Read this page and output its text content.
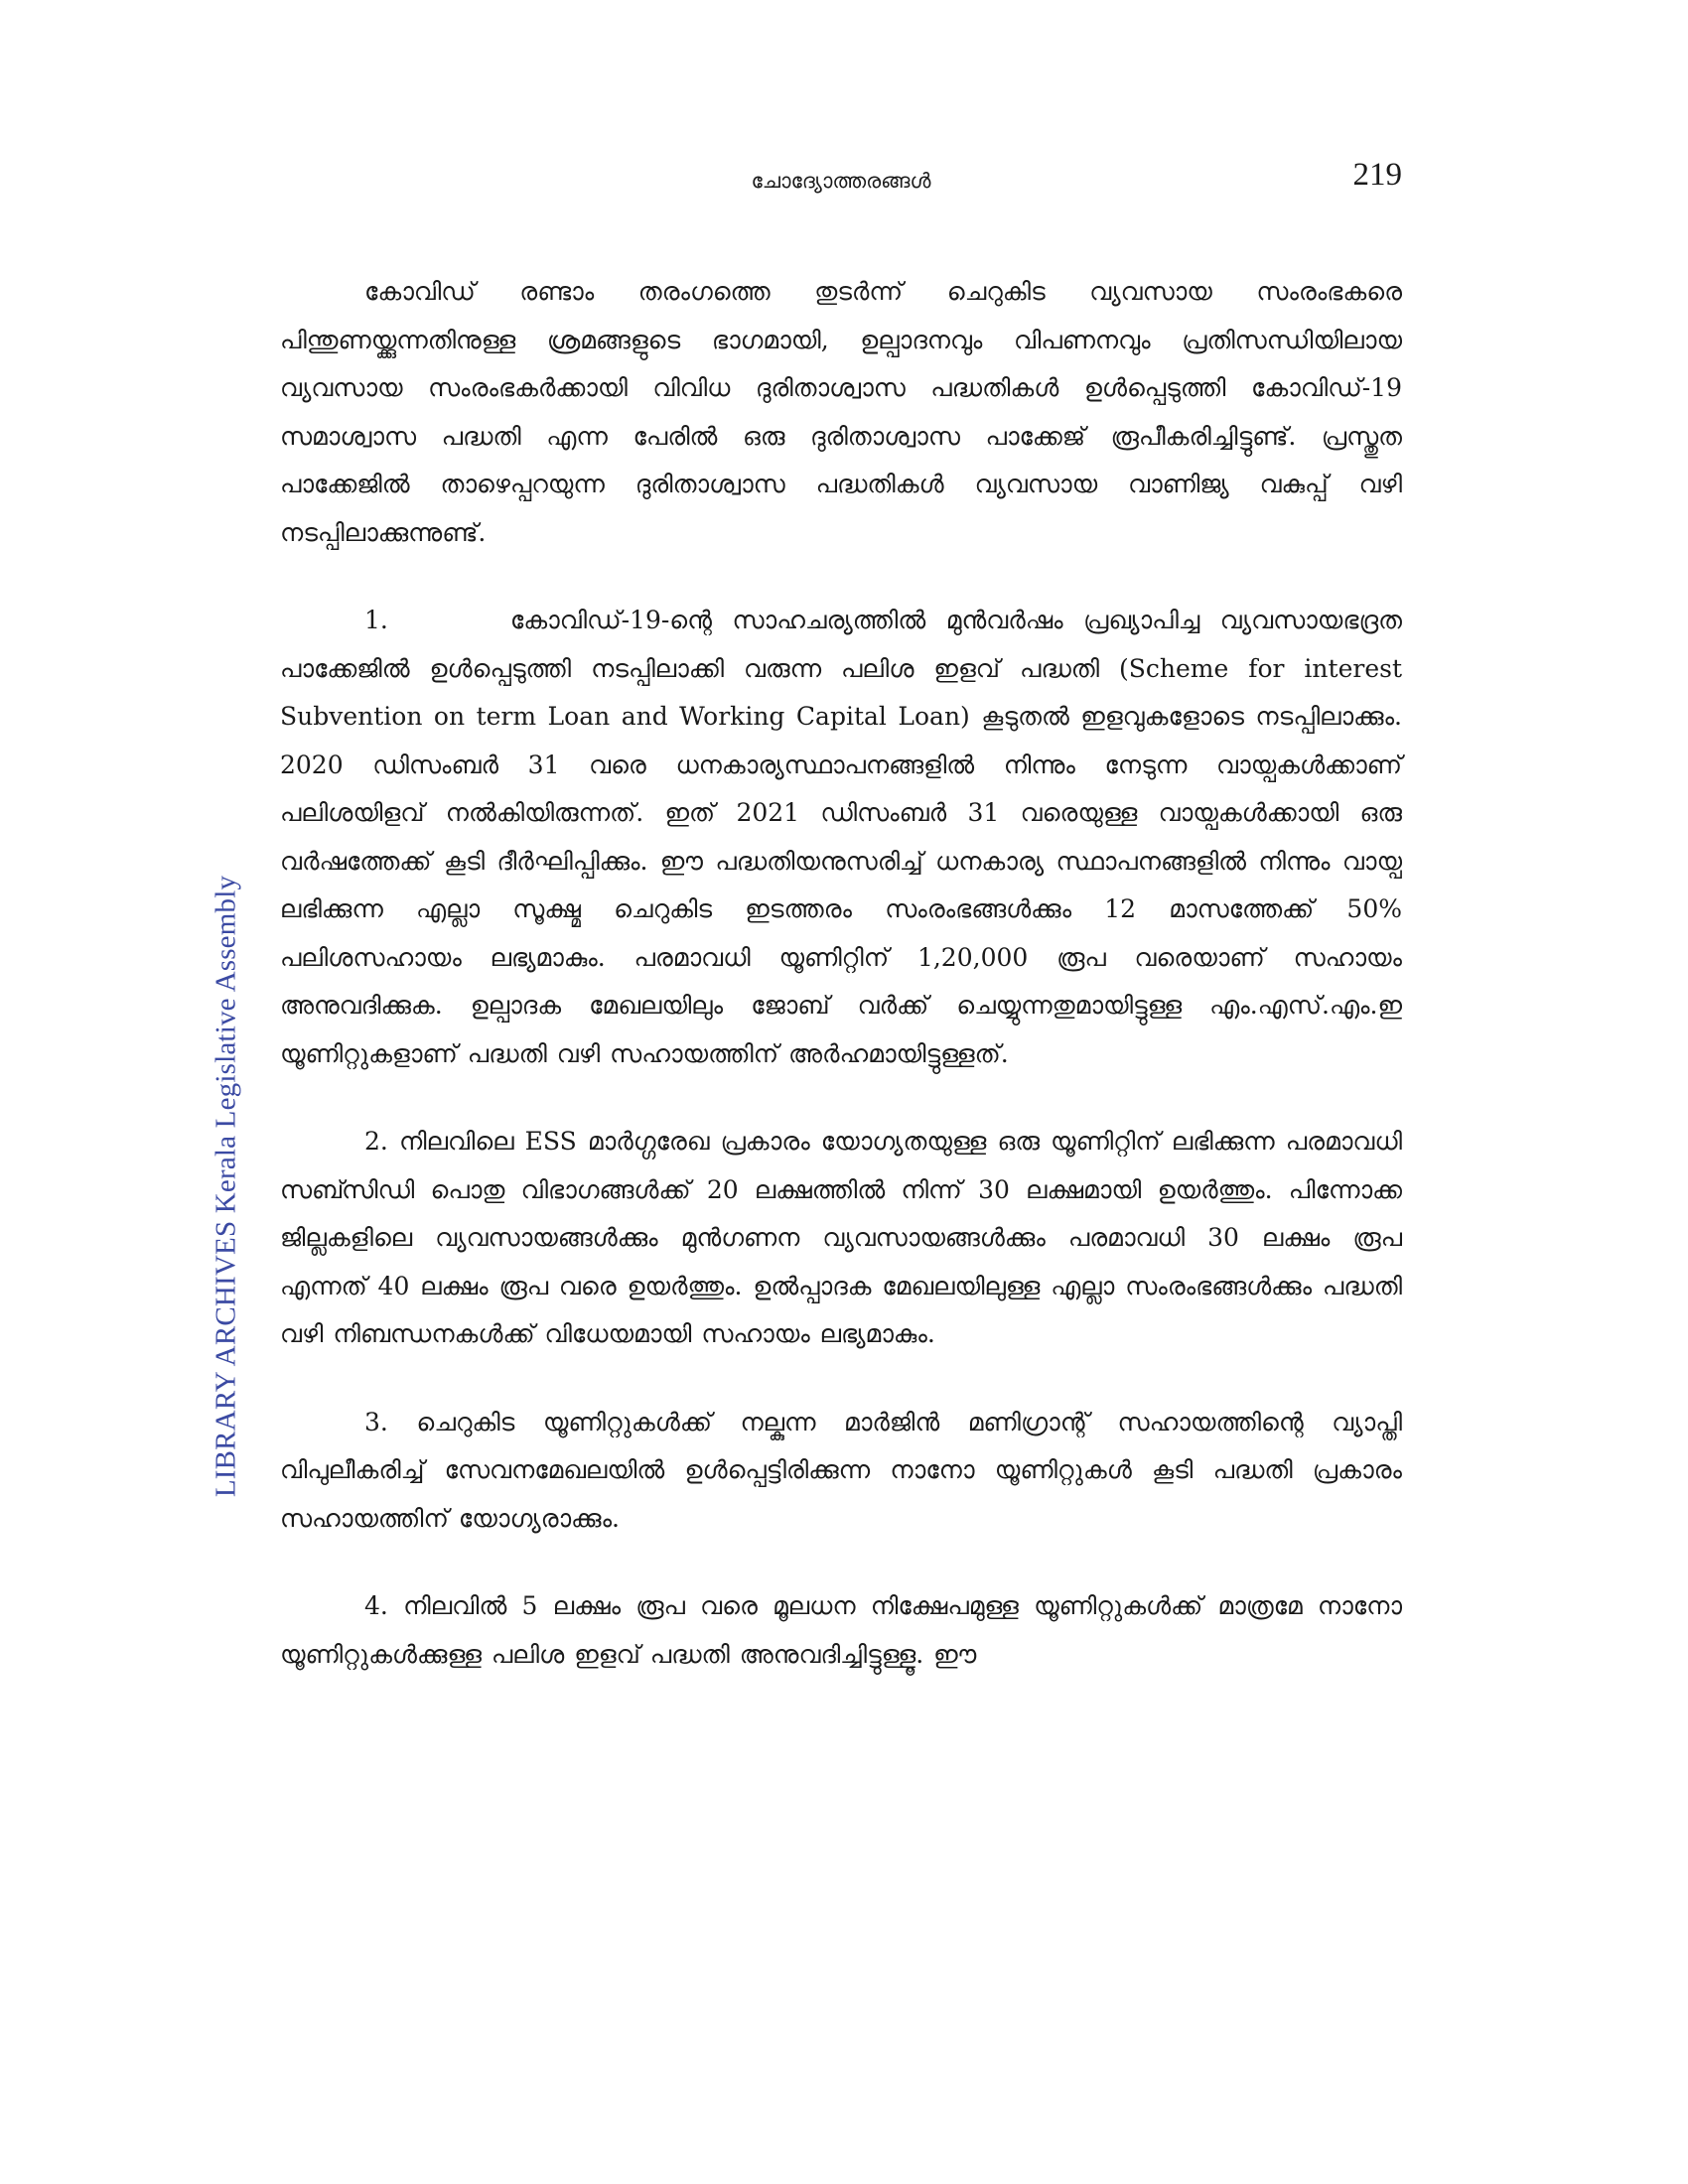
ചോദ്യോത്തരങ്ങൾ	219
LIBRARY ARCHIVES Kerala Legislative Assembly

കോവിഡ് രണ്ടാം തരംഗത്തെ തുടർന്ന് ചെറുകിട വ്യവസായ സംരംഭകരെ പിന്തുണയ്ക്കുന്നതിനുള്ള ശ്രമങ്ങളുടെ ഭാഗമായി, ഉല്പാദനവും വിപണനവും പ്രതിസന്ധിയിലായ വ്യവസായ സംരംഭകർക്കായി വിവിധ ദുരിതാശ്വാസ പദ്ധതികൾ ഉൾപ്പെടുത്തി കോവിഡ്-19 സമാശ്വാസ പദ്ധതി എന്ന പേരിൽ ഒരു ദുരിതാശ്വാസ പാക്കേജ് രൂപീകരിച്ചിട്ടുണ്ട്. പ്രസ്തുത പാക്കേജിൽ താഴെപ്പറയുന്ന ദുരിതാശ്വാസ പദ്ധതികൾ വ്യവസായ വാണിജ്യ വകുപ്പ് വഴി നടപ്പിലാക്കുന്നുണ്ട്.

1.      കോവിഡ്-19-ന്റെ സാഹചര്യത്തിൽ മുൻവർഷം പ്രഖ്യാപിച്ച വ്യവസായഭദ്രത പാക്കേജിൽ ഉൾപ്പെടുത്തി നടപ്പിലാക്കി വരുന്ന പലിശ ഇളവ് പദ്ധതി (Scheme for interest Subvention on term Loan and Working Capital Loan) കൂടുതൽ ഇളവുകളോടെ നടപ്പിലാക്കും. 2020 ഡിസംബർ 31 വരെ ധനകാര്യസ്ഥാപനങ്ങളിൽ നിന്നും നേടുന്ന വായ്പകൾക്കാണ് പലിശയിളവ് നൽകിയിരുന്നത്. ഇത് 2021 ഡിസംബർ 31 വരെയുള്ള വായ്പകൾക്കായി ഒരു വർഷത്തേക്ക് കൂടി ദീർഘിപ്പിക്കും. ഈ പദ്ധതിയനുസരിച്ച് ധനകാര്യ സ്ഥാപനങ്ങളിൽ നിന്നും വായ്പ ലഭിക്കുന്ന എല്ലാ സൂക്ഷ്മ ചെറുകിട ഇടത്തരം സംരംഭങ്ങൾക്കും 12 മാസത്തേക്ക് 50% പലിശസഹായം ലഭ്യമാകും. പരമാവധി യൂണിറ്റിന് 1,20,000 രൂപ വരെയാണ് സഹായം അനുവദിക്കുക. ഉല്പാദക മേഖലയിലും ജോബ് വർക്ക് ചെയ്യുന്നതുമായിട്ടുള്ള എം.എസ്.എം.ഇ യൂണിറ്റുകളാണ് പദ്ധതി വഴി സഹായത്തിന് അർഹമായിട്ടുള്ളത്.

2. നിലവിലെ ESS മാർഗ്ഗരേഖ പ്രകാരം യോഗ്യതയുള്ള ഒരു യൂണിറ്റിന് ലഭിക്കുന്ന പരമാവധി സബ്സിഡി പൊതു വിഭാഗങ്ങൾക്ക് 20 ലക്ഷത്തിൽ നിന്ന് 30 ലക്ഷമായി ഉയർത്തും. പിന്നോക്ക ജില്ലകളിലെ വ്യവസായങ്ങൾക്കും മുൻഗണന വ്യവസായങ്ങൾക്കും പരമാവധി 30 ലക്ഷം രൂപ എന്നത് 40 ലക്ഷം രൂപ വരെ ഉയർത്തും. ഉൽപ്പാദക മേഖലയിലുള്ള എല്ലാ സംരംഭങ്ങൾക്കും പദ്ധതി വഴി നിബന്ധനകൾക്ക് വിധേയമായി സഹായം ലഭ്യമാകും.

3. ചെറുകിട യൂണിറ്റുകൾക്ക് നല്കുന്ന മാർജിൻ മണിഗ്രാന്റ് സഹായത്തിന്റെ വ്യാപ്തി വിപുലീകരിച്ച് സേവനമേഖലയിൽ ഉൾപ്പെട്ടിരിക്കുന്ന നാനോ യൂണിറ്റുകൾ കൂടി പദ്ധതി പ്രകാരം സഹായത്തിന് യോഗ്യരാക്കും.

4. നിലവിൽ 5 ലക്ഷം രൂപ വരെ മൂലധന നിക്ഷേപമുള്ള യൂണിറ്റുകൾക്ക് മാത്രമേ നാനോ യൂണിറ്റുകൾക്കുള്ള പലിശ ഇളവ് പദ്ധതി അനുവദിച്ചിട്ടുള്ളൂ. ഈ
